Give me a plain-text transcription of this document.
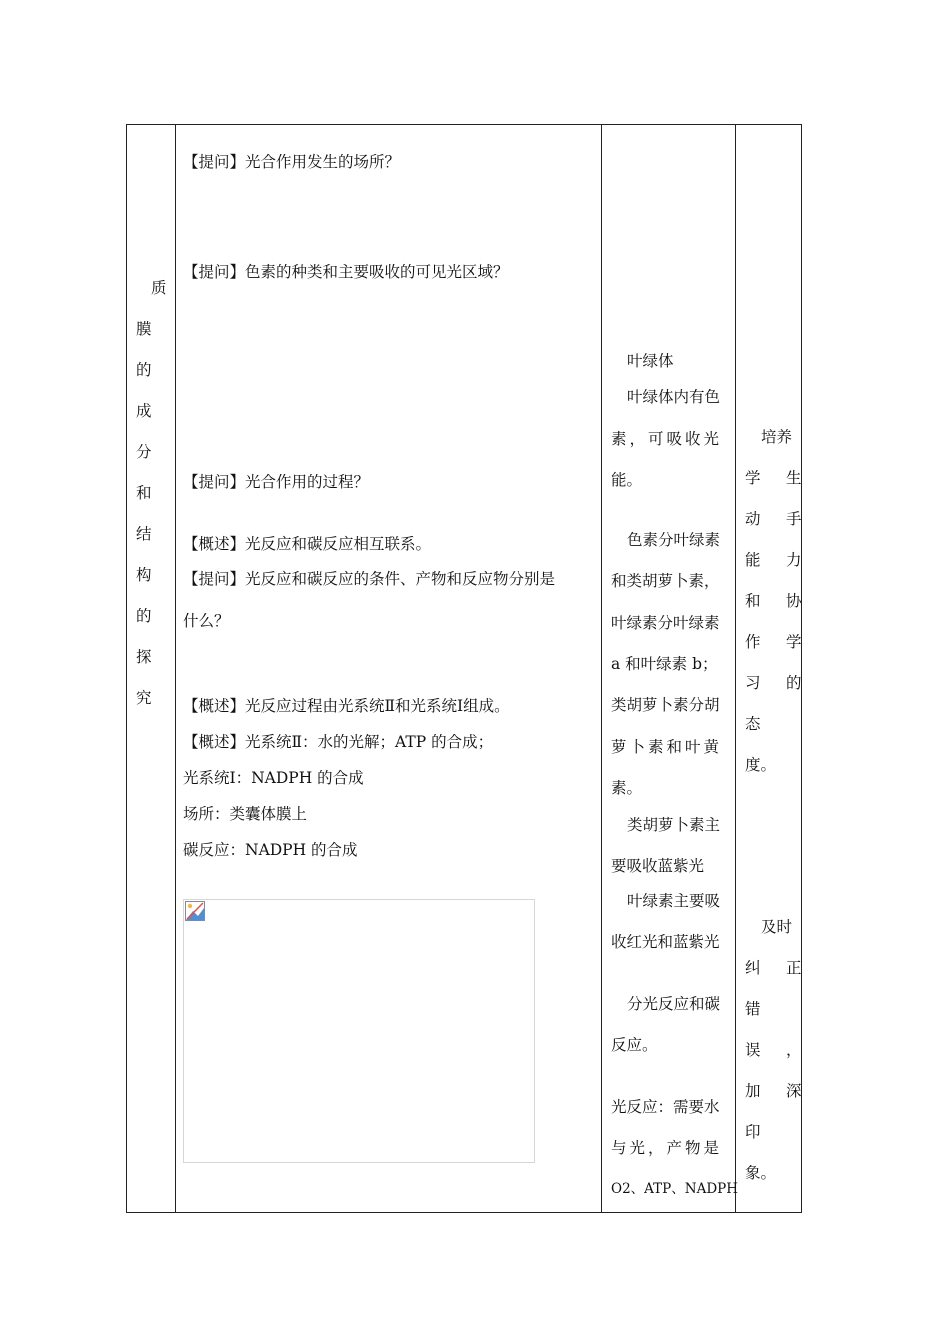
质
膜
的
成
分
和
结
构
的
探
究
【提问】光合作用发生的场所？
【提问】色素的种类和主要吸收的可见光区域？
【提问】光合作用的过程？
【概述】光反应和碳反应相互联系。
【提问】光反应和碳反应的条件、产物和反应物分别是
什么？
【概述】光反应过程由光系统Ⅱ和光系统Ⅰ组成。
【概述】光系统Ⅱ：水的光解；ATP 的合成；
光系统Ⅰ：NADPH 的合成
场所：类囊体膜上
碳反应：NADPH 的合成
叶绿体
叶绿体内有色
素，可吸收光
能。
色素分叶绿素
和类胡萝卜素，
叶绿素分叶绿素
a 和叶绿素 b；
类胡萝卜素分胡
萝卜素和叶黄
素。
类胡萝卜素主
要吸收蓝紫光
叶绿素主要吸
收红光和蓝紫光
分光反应和碳
反应。
光反应：需要水
与光，产物是
O2、ATP、NADPH
培养
学　生
动　手
能　力
和　协
作　学
习　的
态
度。
及时
纠　正
错
误　，
加　深
印
象。
